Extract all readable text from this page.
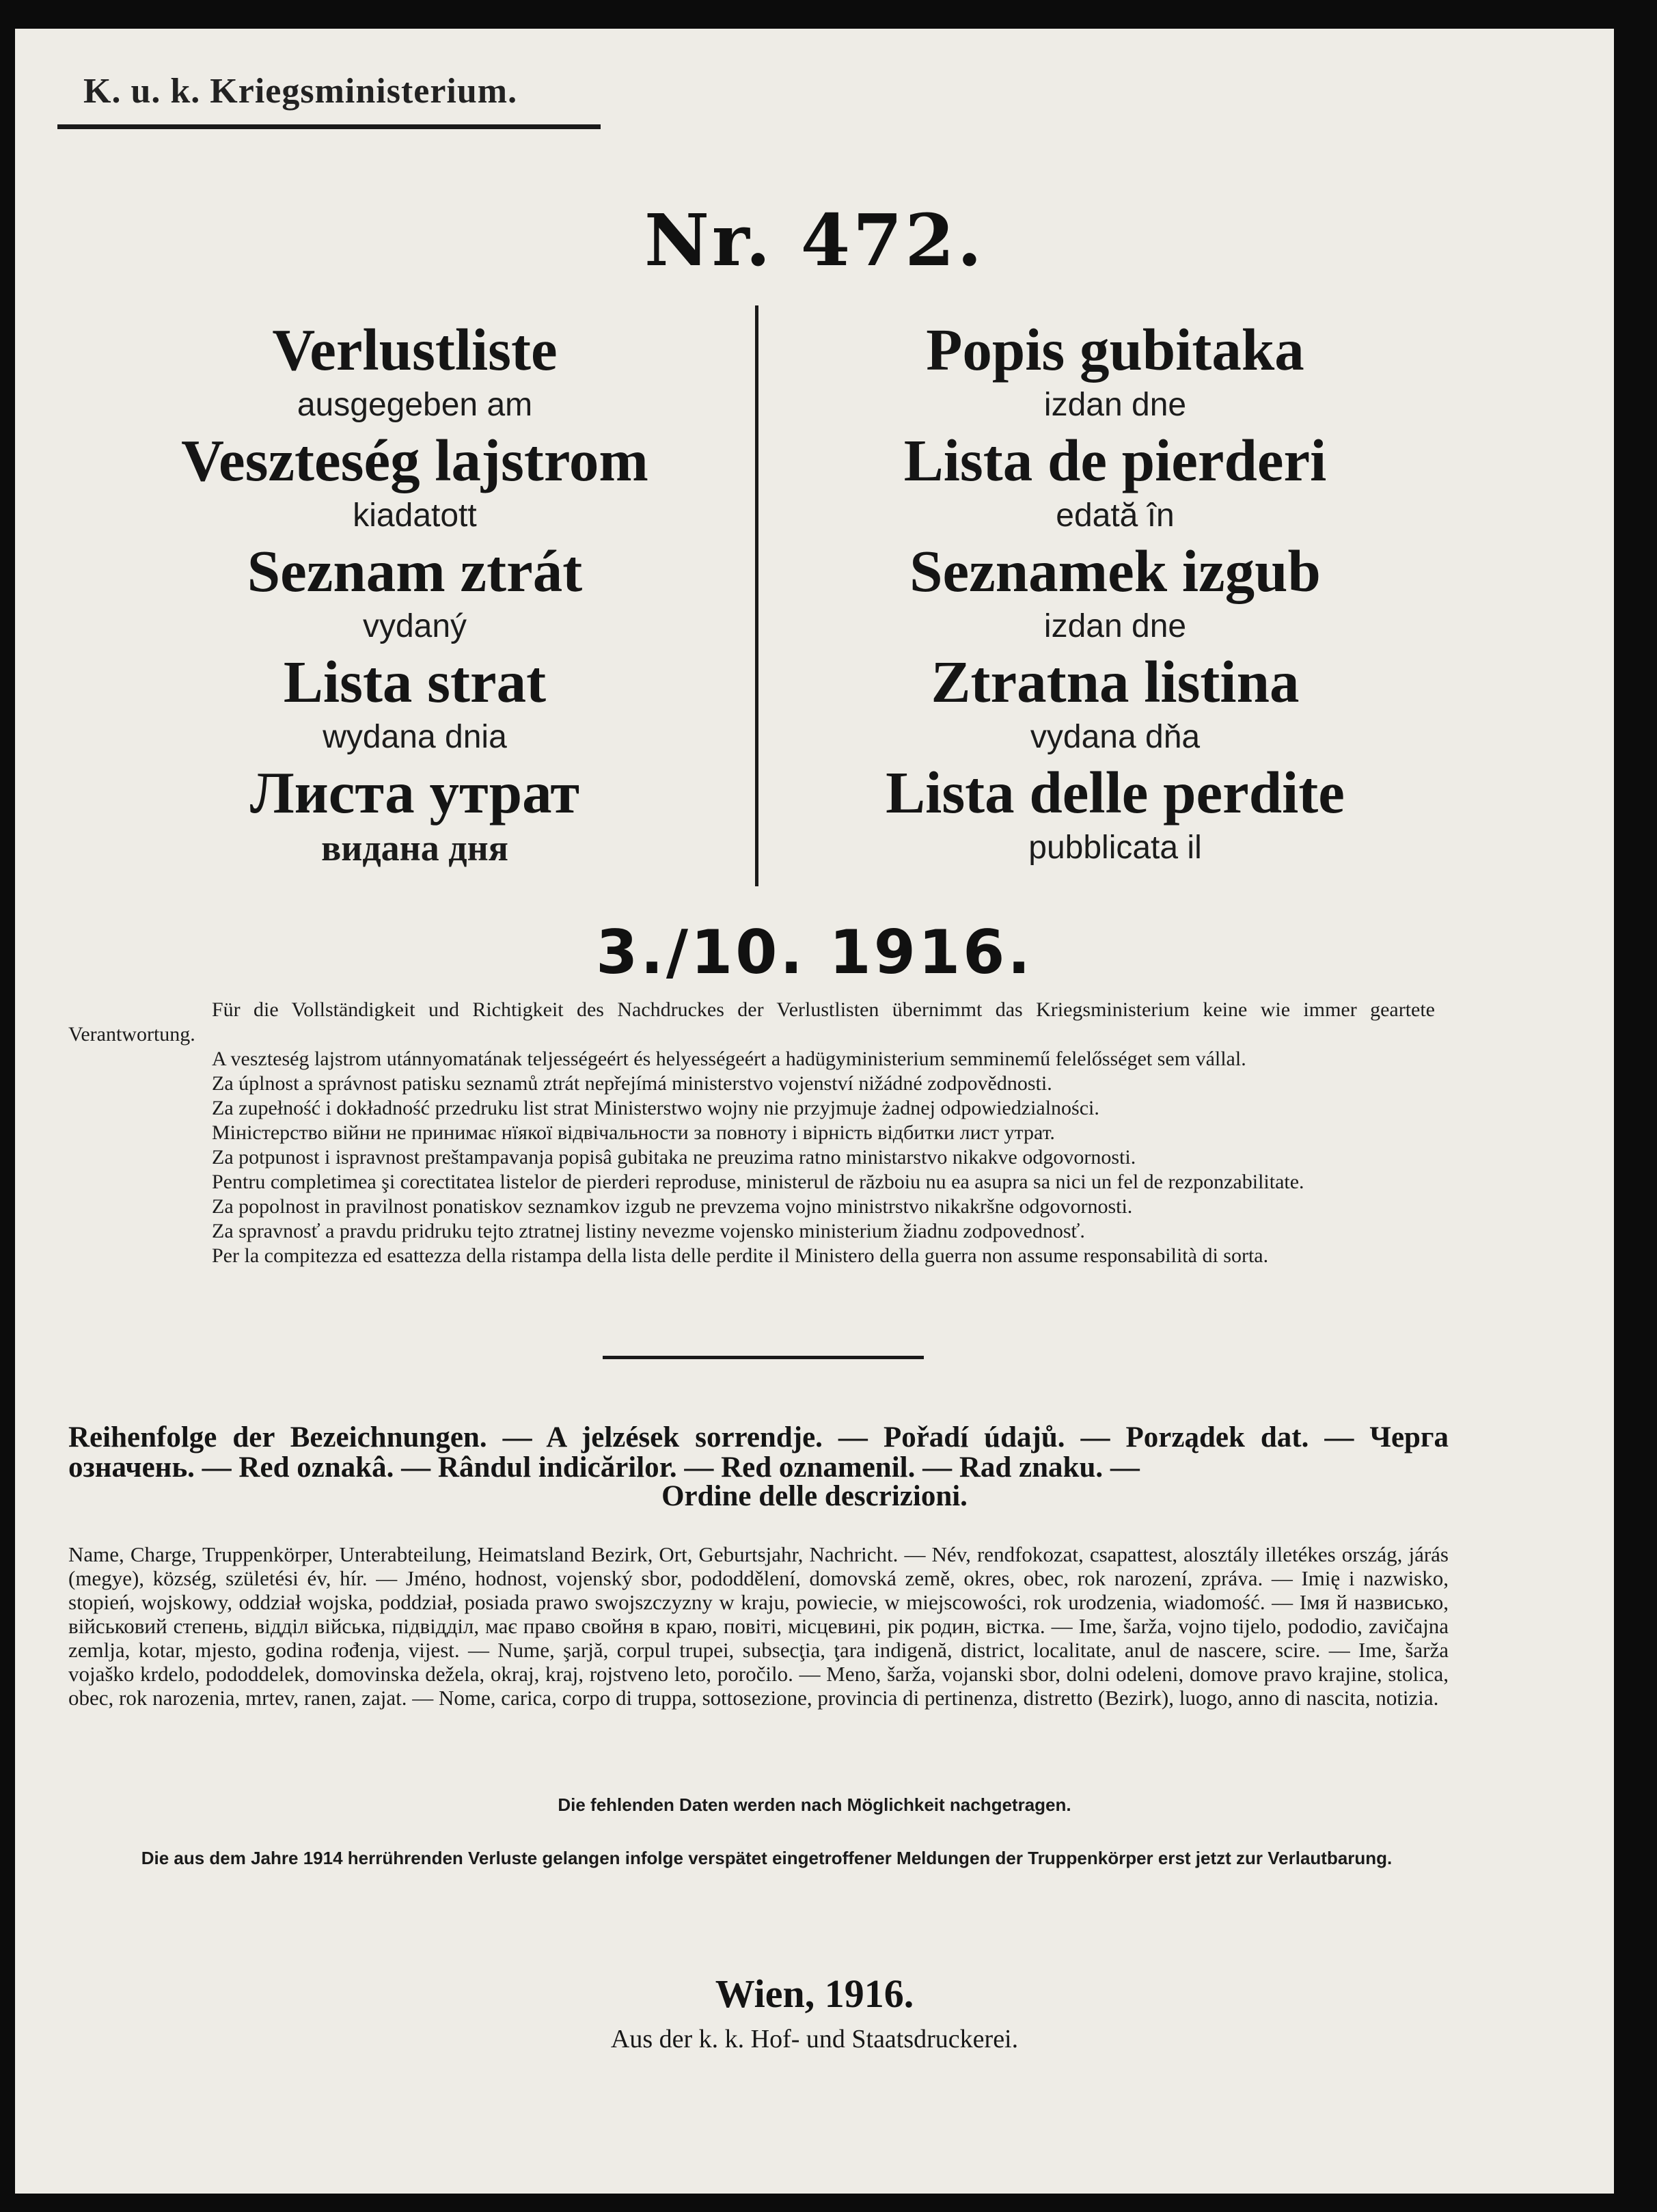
K. u. k. Kriegsministerium.
Nr. 472.
Verlustliste
ausgegeben am
Veszteség lajstrom
kiadatott
Seznam ztrát
vydaný
Lista strat
wydana dnia
Листа утрат
видана дня
Popis gubitaka
izdan dne
Lista de pierderi
edată în
Seznamek izgub
izdan dne
Ztratna listina
vydana dňa
Lista delle perdite
pubblicata il
3./10. 1916.

Für die Vollständigkeit und Richtigkeit des Nachdruckes der Verlustlisten übernimmt das Kriegsministerium keine wie immer geartete Verantwortung.

A veszteség lajstrom utánnyomatának teljességeért és helyességeért a hadügyministerium semminemű felelősséget sem vállal.

Za úplnost a správnost patisku seznamů ztrát nepřejímá ministerstvo vojenství nižádné zodpovědnosti.

Za zupełność i dokładność przedruku list strat Ministerstwo wojny nie przyjmuje żadnej odpowiedzialności.

Міністерство війни не принимає нїякої відвічальности за повноту і вірність відбитки лист утрат.

Za potpunost i ispravnost preštampavanja popisâ gubitaka ne preuzima ratno ministarstvo nikakve odgovornosti.

Pentru completimea şi corectitatea listelor de pierderi reproduse, ministerul de războiu nu ea asupra sa nici un fel de rezponzabilitate.

Za popolnost in pravilnost ponatiskov seznamkov izgub ne prevzema vojno ministrstvo nikakršne odgovornosti.

Za spravnosť a pravdu pridruku tejto ztratnej listiny nevezme vojensko ministerium žiadnu zodpovednosť.

Per la compitezza ed esattezza della ristampa della lista delle perdite il Ministero della guerra non assume responsabilità di sorta.

Reihenfolge der Bezeichnungen. — A jelzések sorrendje. — Pořadí údajů. — Porządek dat. — Черга означень. — Red oznakâ. — Rândul indicărilor. — Red oznamenil. — Rad znaku. —
Ordine delle descrizioni.
Name, Charge, Truppenkörper, Unterabteilung, Heimatsland Bezirk, Ort, Geburtsjahr, Nachricht. — Név, rendfokozat, csapattest, alosztály illetékes ország, járás (megye), község, születési év, hír. — Jméno, hodnost, vojenský sbor, pododdělení, domovská země, okres, obec, rok narození, zpráva. — Imię i nazwisko, stopień, wojskowy, oddział wojska, poddział, posiada prawo swojszczyzny w kraju, powiecie, w miejscowości, rok urodzenia, wiadomość. — Імя й назвисько, військовий степень, відділ війська, підвідділ, має право свойня в краю, повіті, місцевині, рік родин, вістка. — Ime, šarža, vojno tijelo, pododio, zavičajna zemlja, kotar, mjesto, godina rođenja, vijest. — Nume, şarjă, corpul trupei, subsecţia, ţara indigenă, district, localitate, anul de nascere, scire. — Ime, šarža vojaško krdelo, pododdelek, domovinska dežela, okraj, kraj, rojstveno leto, poročilo. — Meno, šarža, vojanski sbor, dolni odeleni, domove pravo krajine, stolica, obec, rok narozenia, mrtev, ranen, zajat. — Nome, carica, corpo di truppa, sottosezione, provincia di pertinenza, distretto (Bezirk), luogo, anno di nascita, notizia.
Die fehlenden Daten werden nach Möglichkeit nachgetragen.
Die aus dem Jahre 1914 herrührenden Verluste gelangen infolge verspätet eingetroffener Meldungen der Truppenkörper erst jetzt zur Verlautbarung.
Wien, 1916.
Aus der k. k. Hof- und Staatsdruckerei.
